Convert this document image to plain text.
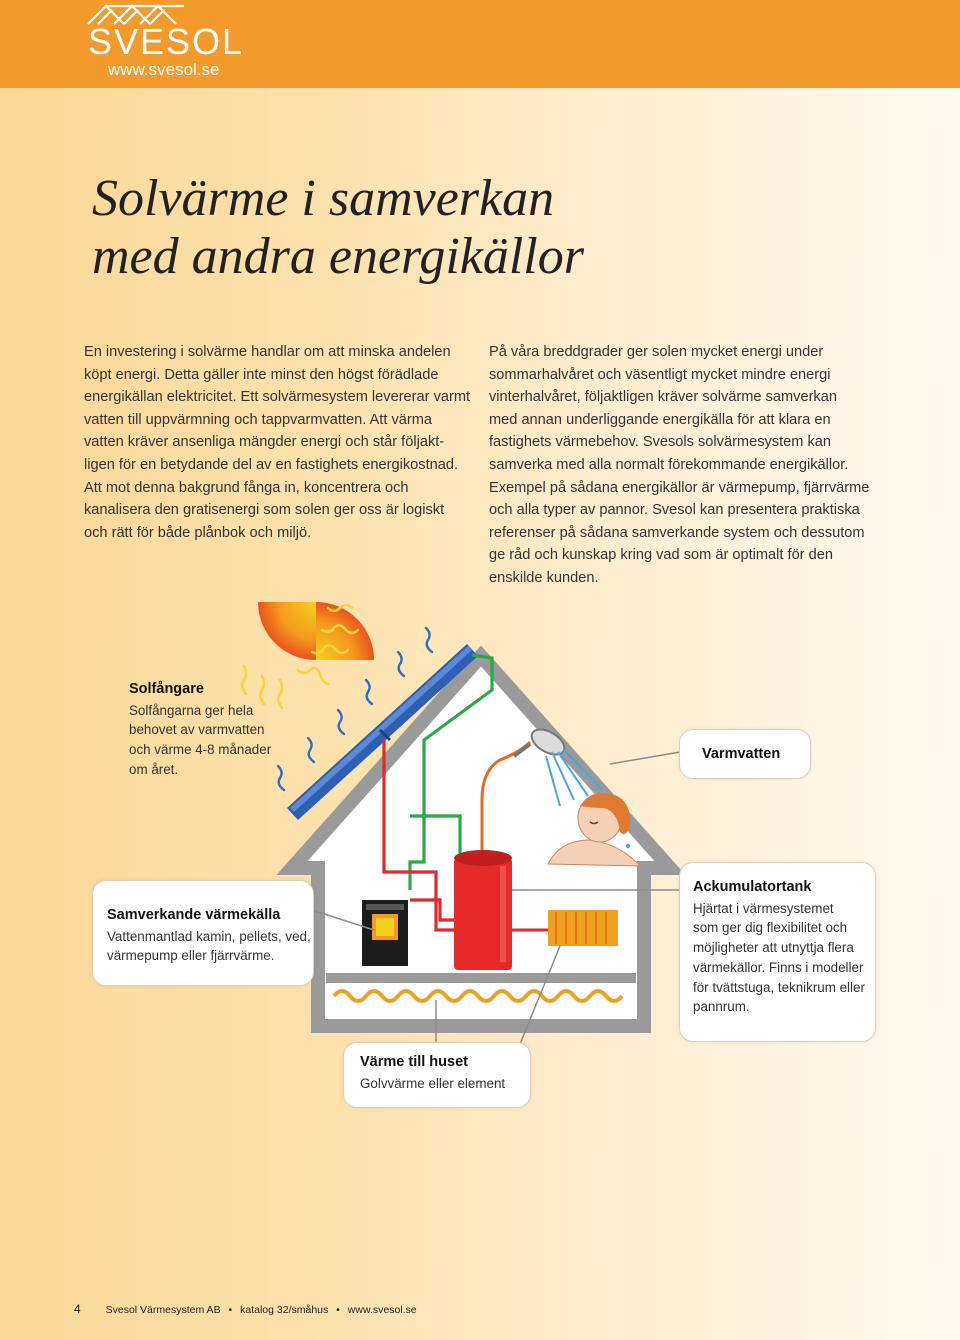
SVESOL
www.svesol.se
Solvärme i samverkan
med andra energikällor
En investering i solvärme handlar om att minska andelen
köpt energi. Detta gäller inte minst den högst förädlade
energikällan elektricitet. Ett solvärmesystem levererar varmt
vatten till uppvärmning och tappvarmvatten. Att värma
vatten kräver ansenliga mängder energi och står följakt-
ligen för en betydande del av en fastighets energikostnad.
Att mot denna bakgrund fånga in, koncentrera och
kanalisera den gratisenergi som solen ger oss är logiskt
och rätt för både plånbok och miljö.
På våra breddgrader ger solen mycket energi under
sommarhalvåret och väsentligt mycket mindre energi
vinterhalvåret, följaktligen kräver solvärme samverkan
med annan underliggande energikälla för att klara en
fastighets värmebehov. Svesols solvärmesystem kan
samverka med alla normalt förekommande energikällor.
Exempel på sådana energikällor är värmepump, fjärrvärme
och alla typer av pannor. Svesol kan presentera praktiska
referenser på sådana samverkande system och dessutom
ge råd och kunskap kring vad som är optimalt för den
enskilde kunden.
Solfångare
Solfångarna ger hela
behovet av varmvatten
och värme 4-8 månader
om året.
Varmvatten
Samverkande värmekälla
Vattenmantlad kamin, pellets, ved,
värmepump eller fjärrvärme.
Ackumulatortank
Hjärtat i värmesystemet
som ger dig flexibilitet och
möjligheter att utnyttja flera
värmekällor. Finns i modeller
för tvättstuga, teknikrum eller
pannrum.
Värme till huset
Golvvärme eller element
4 Svesol Värmesystem AB • katalog 32/småhus • www.svesol.se
